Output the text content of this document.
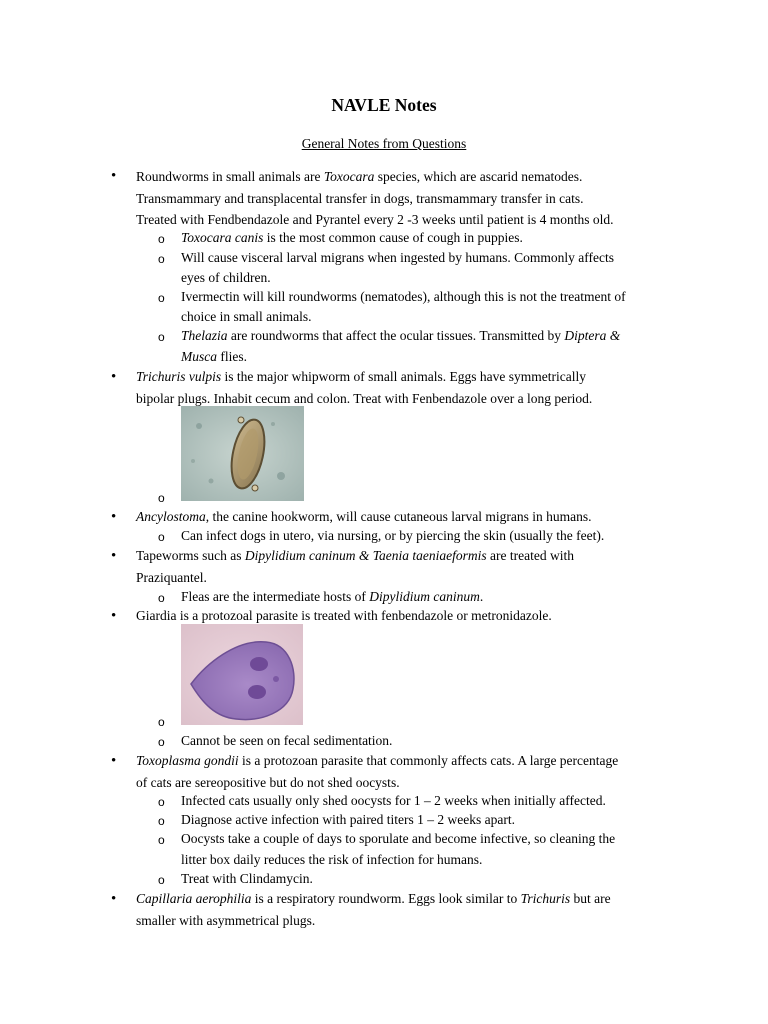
NAVLE Notes
General Notes from Questions
•	Roundworms in small animals are Toxocara species, which are ascarid nematodes.
Transmammary and transplacental transfer in dogs, transmammary transfer in cats.
Treated with Fendbendazole and Pyrantel every 2 -3 weeks until patient is 4 months old.
o Toxocara canis is the most common cause of cough in puppies.
o Will cause visceral larval migrans when ingested by humans. Commonly affects
eyes of children.
o Ivermectin will kill roundworms (nematodes), although this is not the treatment of
choice in small animals.
o Thelazia are roundworms that affect the ocular tissues. Transmitted by Diptera &
Musca flies.
•	Trichuris vulpis is the major whipworm of small animals. Eggs have symmetrically
bipolar plugs. Inhabit cecum and colon. Treat with Fenbendazole over a long period.
o
•	Ancylostoma, the canine hookworm, will cause cutaneous larval migrans in humans.
o Can infect dogs in utero, via nursing, or by piercing the skin (usually the feet).
•	Tapeworms such as Dipylidium caninum & Taenia taeniaeformis are treated with
Praziquantel.
o Fleas are the intermediate hosts of Dipylidium caninum.
•	Giardia is a protozoal parasite is treated with fenbendazole or metronidazole.
o
o Cannot be seen on fecal sedimentation.
•	Toxoplasma gondii is a protozoan parasite that commonly affects cats. A large percentage
of cats are sereopositive but do not shed oocysts.
o Infected cats usually only shed oocysts for 1 – 2 weeks when initially affected.
o Diagnose active infection with paired titers 1 – 2 weeks apart.
o Oocysts take a couple of days to sporulate and become infective, so cleaning the
litter box daily reduces the risk of infection for humans.
o Treat with Clindamycin.
•	Capillaria aerophilia is a respiratory roundworm. Eggs look similar to Trichuris but are
smaller with asymmetrical plugs.
